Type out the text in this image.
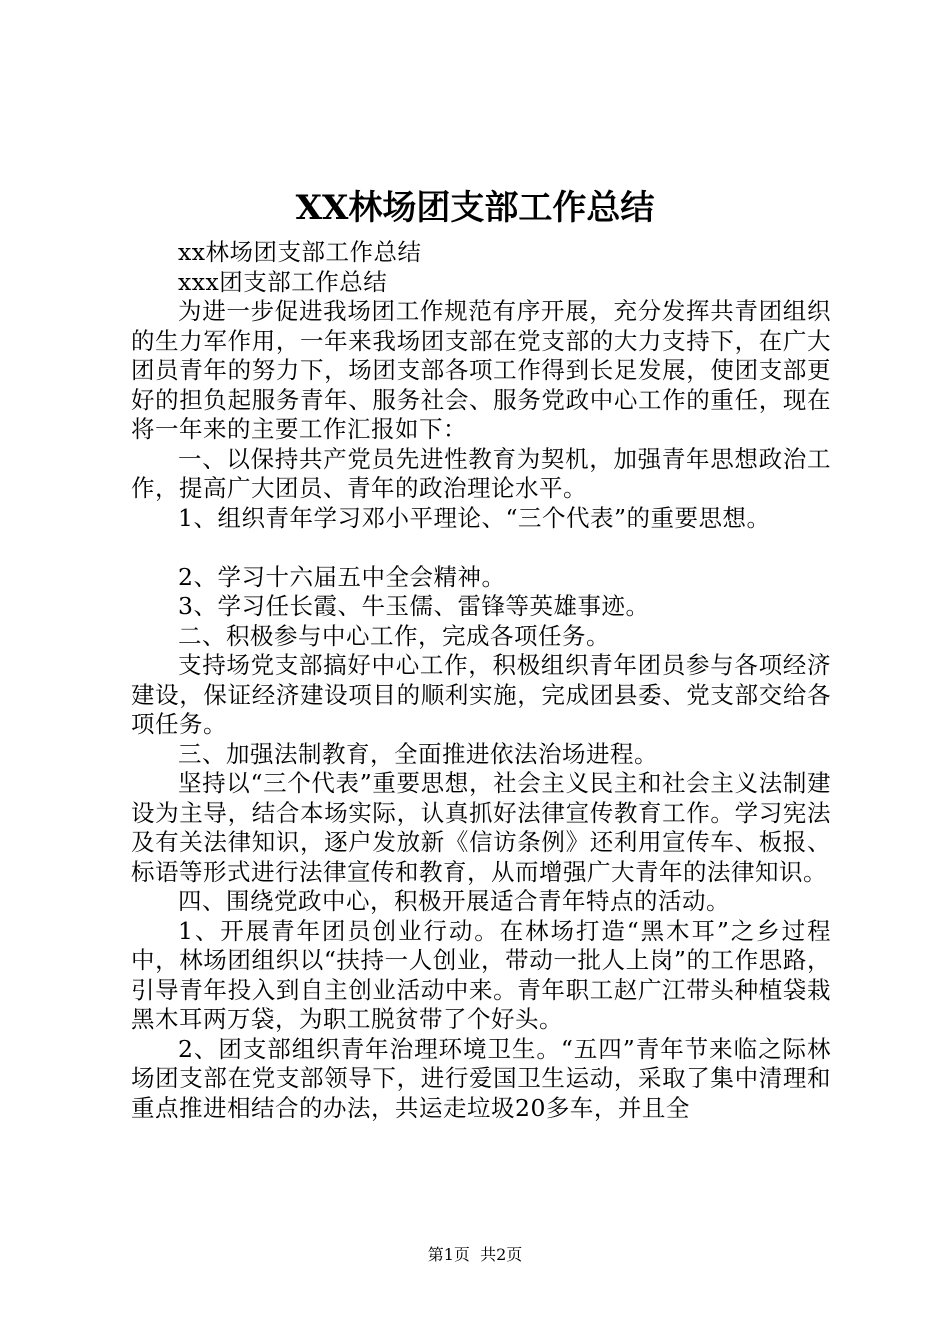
XX林场团支部工作总结

xx林场团支部工作总结

xxx团支部工作总结

为进一步促进我场团工作规范有序开展，充分发挥共青团组织的生力军作用，一年来我场团支部在党支部的大力支持下，在广大团员青年的努力下，场团支部各项工作得到长足发展，使团支部更好的担负起服务青年、服务社会、服务党政中心工作的重任，现在将一年来的主要工作汇报如下：

一、以保持共产党员先进性教育为契机，加强青年思想政治工作，提高广大团员、青年的政治理论水平。

1、组织青年学习邓小平理论、“三个代表”的重要思想。

2、学习十六届五中全会精神。

3、学习任长霞、牛玉儒、雷锋等英雄事迹。

二、积极参与中心工作，完成各项任务。

支持场党支部搞好中心工作，积极组织青年团员参与各项经济建设，保证经济建设项目的顺利实施，完成团县委、党支部交给各项任务。

三、加强法制教育，全面推进依法治场进程。

坚持以“三个代表”重要思想，社会主义民主和社会主义法制建设为主导，结合本场实际，认真抓好法律宣传教育工作。学习宪法及有关法律知识，逐户发放新《信访条例》还利用宣传车、板报、标语等形式进行法律宣传和教育，从而增强广大青年的法律知识。

四、围绕党政中心，积极开展适合青年特点的活动。

1、开展青年团员创业行动。在林场打造“黑木耳”之乡过程中，林场团组织以“扶持一人创业，带动一批人上岗”的工作思路，引导青年投入到自主创业活动中来。青年职工赵广江带头种植袋栽黑木耳两万袋，为职工脱贫带了个好头。

2、团支部组织青年治理环境卫生。“五四”青年节来临之际林场团支部在党支部领导下，进行爱国卫生运动，采取了集中清理和重点推进相结合的办法，共运走垃圾20多车，并且全

第1页 共2页
